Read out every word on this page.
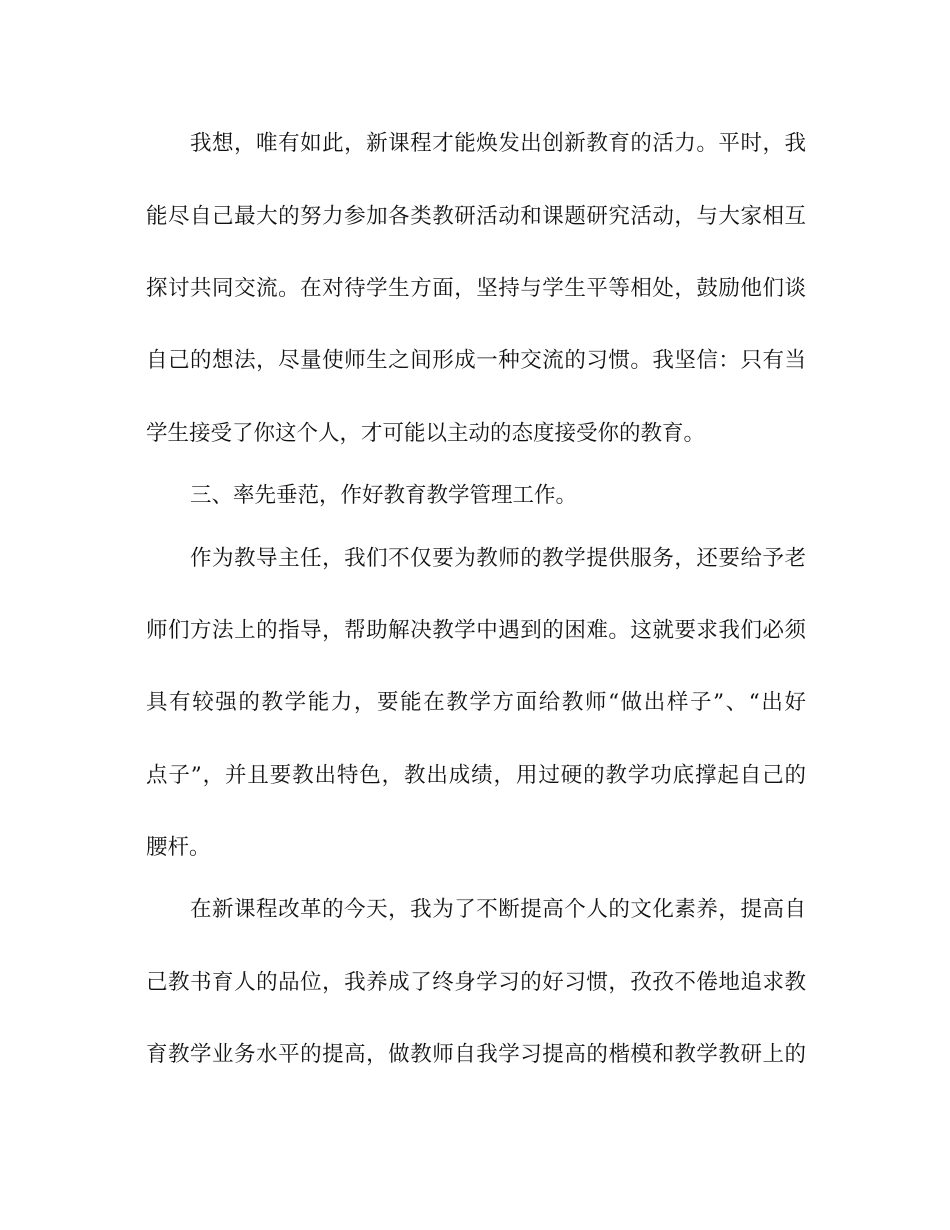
我想，唯有如此，新课程才能焕发出创新教育的活力。平时，我
能尽自己最大的努力参加各类教研活动和课题研究活动，与大家相互
探讨共同交流。在对待学生方面，坚持与学生平等相处，鼓励他们谈
自己的想法，尽量使师生之间形成一种交流的习惯。我坚信：只有当
学生接受了你这个人，才可能以主动的态度接受你的教育。
三、率先垂范，作好教育教学管理工作。
作为教导主任，我们不仅要为教师的教学提供服务，还要给予老
师们方法上的指导，帮助解决教学中遇到的困难。这就要求我们必须
具有较强的教学能力，要能在教学方面给教师“做出样子”、“出好
点子”，并且要教出特色，教出成绩，用过硬的教学功底撑起自己的
腰杆。
在新课程改革的今天，我为了不断提高个人的文化素养，提高自
己教书育人的品位，我养成了终身学习的好习惯，孜孜不倦地追求教
育教学业务水平的提高，做教师自我学习提高的楷模和教学教研上的
